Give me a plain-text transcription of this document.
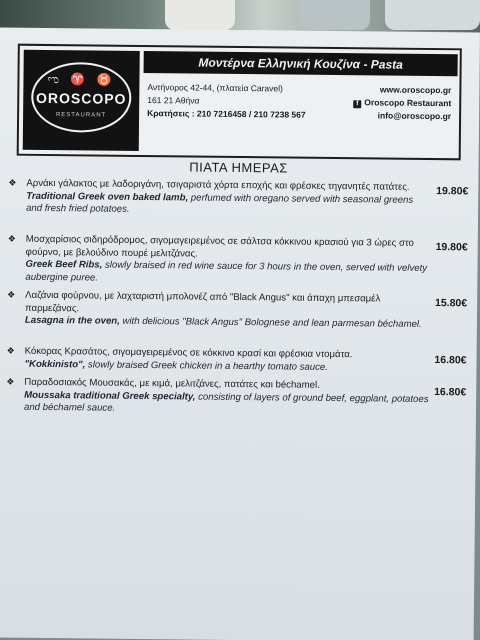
ಌ ♈ ♉
OROSCOPO
RESTAURANT
Μοντέρνα Ελληνική Κουζίνα - Pasta
Αντήνορος 42-44, (πλατεία Caravel)
161 21 Αθήνα
Κρατήσεις : 210 7216458 / 210 7238 567
www.oroscopo.gr
f Oroscopo Restaurant
info@oroscopo.gr
ΠΙΑΤΑ ΗΜΕΡΑΣ
❖ Αρνάκι γάλακτος με λαδοριγάνη, τσιγαριστά χόρτα εποχής και φρέσκες τηγανητές πατάτες.
Traditional Greek oven baked lamb, perfumed with oregano served with seasonal greens and fresh fried potatoes.
19.80€
❖ Μοσχαρίσιος σιδηρόδρομος, σιγομαγειρεμένος σε σάλτσα κόκκινου κρασιού για 3 ώρες στο φούρνο, με βελούδινο πουρέ μελιτζάνας.
Greek Beef Ribs, slowly braised in red wine sauce for 3 hours in the oven, served with velvety aubergine puree.
19.80€
❖ Λαζάνια φούρνου, με λαχταριστή μπολονέζ από "Black Angus" και άπαχη μπεσαμέλ παρμεζάνας.
Lasagna in the oven, with delicious "Black Angus" Bolognese and lean parmesan béchamel.
15.80€
❖ Κόκορας Κρασάτος, σιγομαγειρεμένος σε κόκκινο κρασί και φρέσκια ντομάτα.
"Kokkinisto", slowly braised Greek chicken in a hearthy tomato sauce.	16.80€
❖ Παραδοσιακός Μουσακάς, με κιμά, μελιτζάνες, πατάτες και béchamel.
Moussaka traditional Greek specialty, consisting of layers of ground beef, eggplant, potatoes and béchamel sauce.
16.80€
